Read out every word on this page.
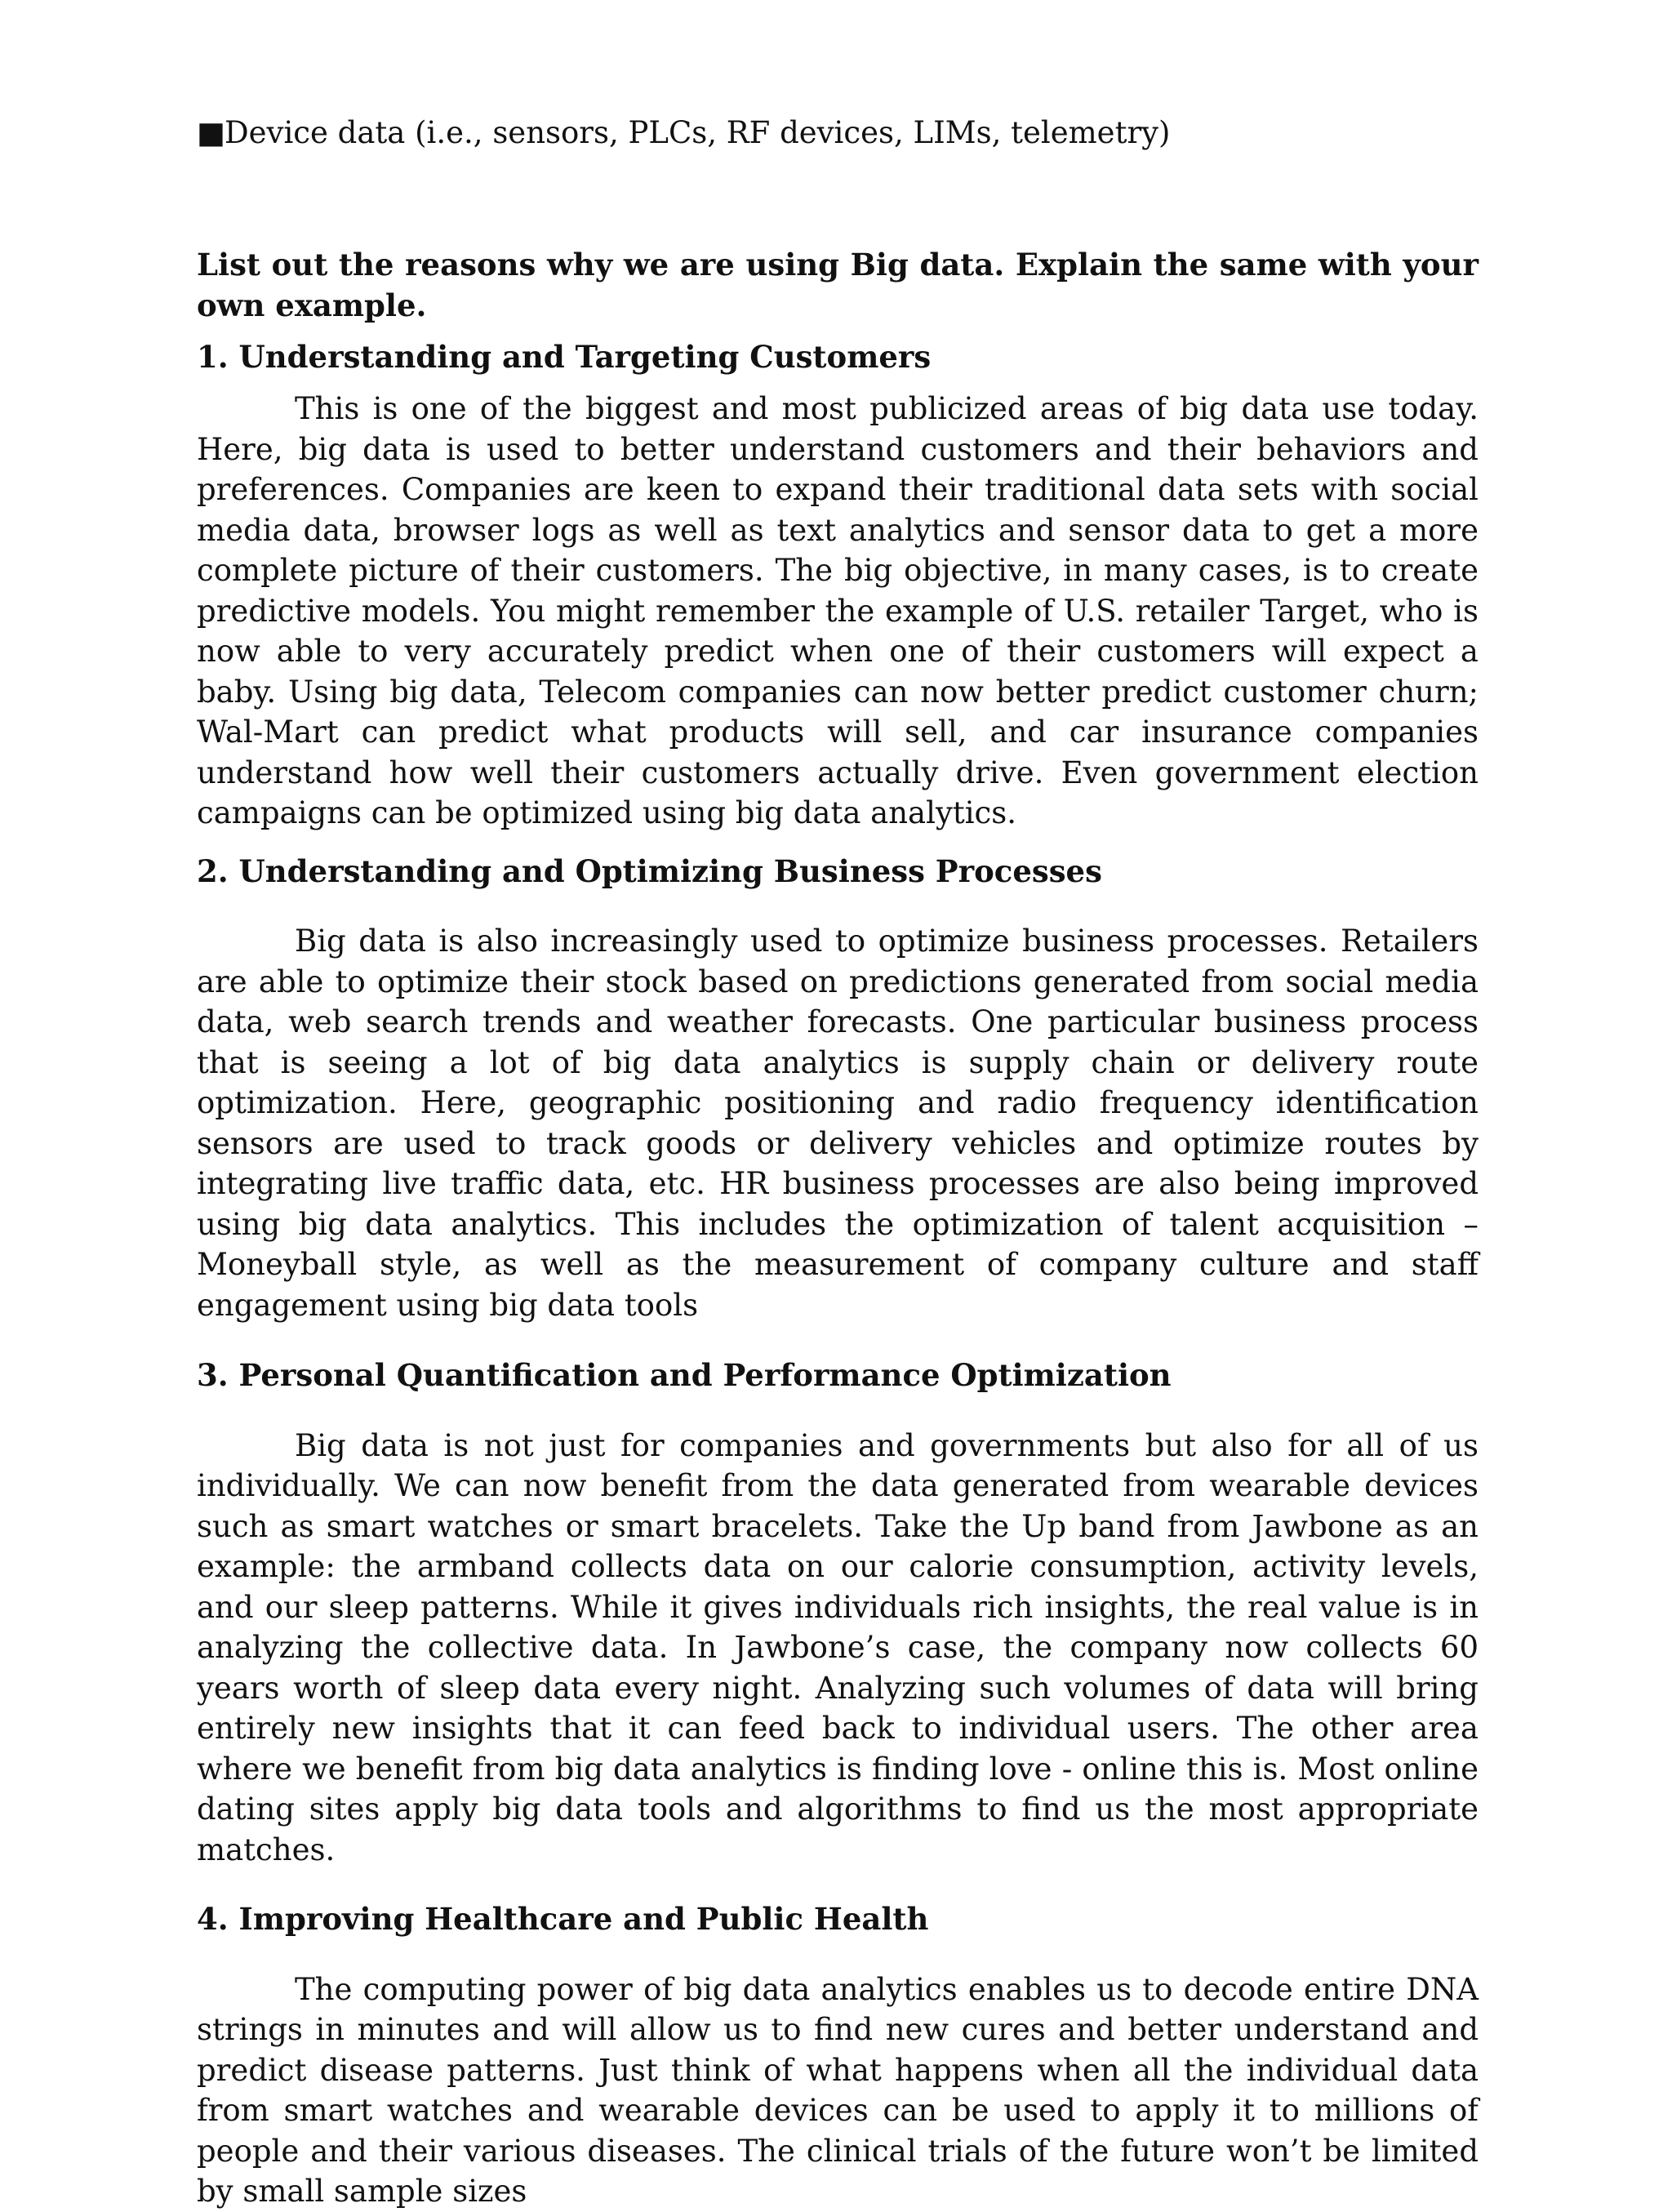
■Device data (i.e., sensors, PLCs, RF devices, LIMs, telemetry)

List out the reasons why we are using Big data. Explain the same with your own example.

1. Understanding and Targeting Customers

This is one of the biggest and most publicized areas of big data use today. Here, big data is used to better understand customers and their behaviors and preferences. Companies are keen to expand their traditional data sets with social media data, browser logs as well as text analytics and sensor data to get a more complete picture of their customers. The big objective, in many cases, is to create predictive models. You might remember the example of U.S. retailer Target, who is now able to very accurately predict when one of their customers will expect a baby. Using big data, Telecom companies can now better predict customer churn; Wal-Mart can predict what products will sell, and car insurance companies understand how well their customers actually drive. Even government election campaigns can be optimized using big data analytics.

2. Understanding and Optimizing Business Processes

Big data is also increasingly used to optimize business processes. Retailers are able to optimize their stock based on predictions generated from social media data, web search trends and weather forecasts. One particular business process that is seeing a lot of big data analytics is supply chain or delivery route optimization. Here, geographic positioning and radio frequency identification sensors are used to track goods or delivery vehicles and optimize routes by integrating live traffic data, etc. HR business processes are also being improved using big data analytics. This includes the optimization of talent acquisition – Moneyball style, as well as the measurement of company culture and staff engagement using big data tools

3. Personal Quantification and Performance Optimization

Big data is not just for companies and governments but also for all of us individually. We can now benefit from the data generated from wearable devices such as smart watches or smart bracelets. Take the Up band from Jawbone as an example: the armband collects data on our calorie consumption, activity levels, and our sleep patterns. While it gives individuals rich insights, the real value is in analyzing the collective data. In Jawbone’s case, the company now collects 60 years worth of sleep data every night. Analyzing such volumes of data will bring entirely new insights that it can feed back to individual users. The other area where we benefit from big data analytics is finding love - online this is. Most online dating sites apply big data tools and algorithms to find us the most appropriate matches.

4. Improving Healthcare and Public Health

The computing power of big data analytics enables us to decode entire DNA strings in minutes and will allow us to find new cures and better understand and predict disease patterns. Just think of what happens when all the individual data from smart watches and wearable devices can be used to apply it to millions of people and their various diseases. The clinical trials of the future won’t be limited by small sample sizes
